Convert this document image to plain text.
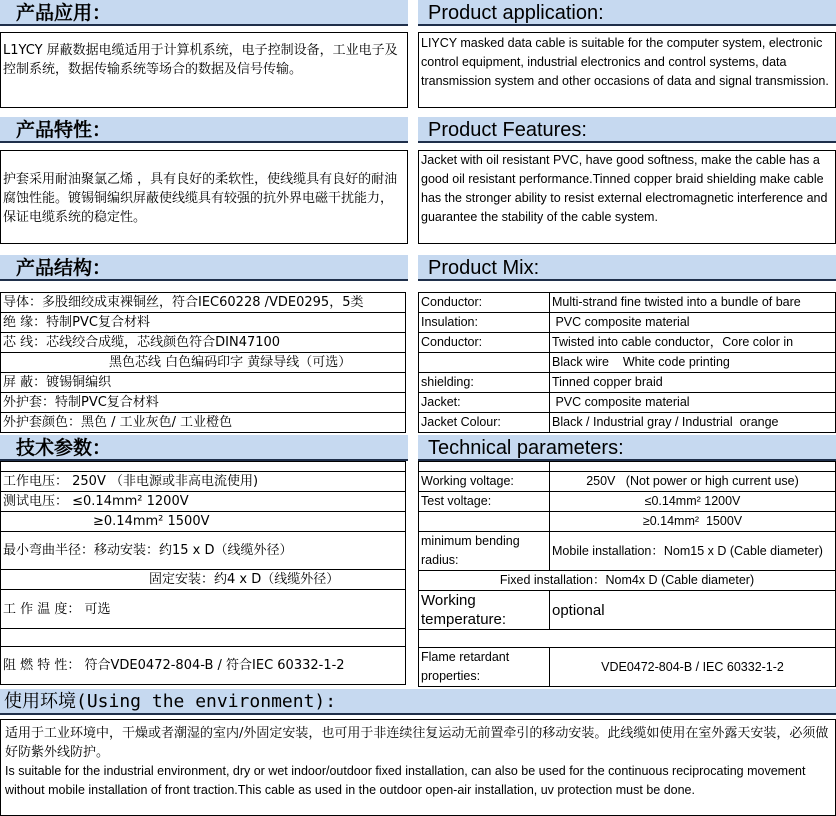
产品应用：	Product application:
L1YCY 屏蔽数据电缆适用于计算机系统，电子控制设备，工业电子及控制系统，数据传输系统等场合的数据及信号传输。
LIYCY masked data cable is suitable for the computer system, electronic control equipment, industrial electronics and control systems, data transmission system and other occasions of data and signal transmission.
产品特性：	Product Features:
护套采用耐油聚氯乙烯 ，具有良好的柔软性，使线缆具有良好的耐油腐蚀性能。镀锡铜编织屏蔽使线缆具有较强的抗外界电磁干扰能力，保证电缆系统的稳定性。
Jacket with oil resistant PVC, have good softness, make the cable has a good oil resistant performance.Tinned copper braid shielding make cable has the stronger ability to resist external electromagnetic interference and guarantee the stability of the cable system.
产品结构：	Product Mix:
导体：多股细绞成束裸铜丝，符合IEC60228 /VDE0295，5类
绝 缘：特制PVC复合材料
芯 线：芯线绞合成缆，芯线颜色符合DIN47100
黑色芯线 白色编码印字 黄绿导线（可选）
屏 蔽：镀锡铜编织
外护套：特制PVC复合材料
外护套颜色：黑色 / 工业灰色/ 工业橙色
Conductor:	Multi-strand fine twisted into a bundle of bare
Insulation:	PVC composite material
Conductor:	Twisted into cable conductor，Core color in
	Black wire    White code printing
shielding:	Tinned copper braid
Jacket:	PVC composite material
Jacket Colour:	Black / Industrial gray / Industrial  orange
技术参数：	Technical parameters:

工作电压： 250V （非电源或非高电流使用)
测试电压： ≤0.14mm² 1200V
≥0.14mm² 1500V
最小弯曲半径：移动安装：约15 x D（线缆外径）
固定安装：约4 x D（线缆外径）
工 作 温 度： 可选

阻 燃 特 性： 符合VDE0472-804-B / 符合IEC 60332-1-2

Working voltage:	250V   (Not power or high current use)
Test voltage:	≤0.14mm² 1200V
	≥0.14mm²  1500V
minimum bending radius:	Mobile installation：Nom15 x D (Cable diameter)
Fixed installation：Nom4x D (Cable diameter)	
Working temperature:	optional

Flame retardant properties:	VDE0472-804-B / IEC 60332-1-2
使用环境(Using the environment):
适用于工业环境中，干燥或者潮湿的室内/外固定安装，也可用于非连续往复运动无前置牵引的移动安装。此线缆如使用在室外露天安装，必须做好防紫外线防护。
Is suitable for the industrial environment, dry or wet indoor/outdoor fixed installation, can also be used for the continuous reciprocating movement without mobile installation of front traction.This cable as used in the outdoor open-air installation, uv protection must be done.
